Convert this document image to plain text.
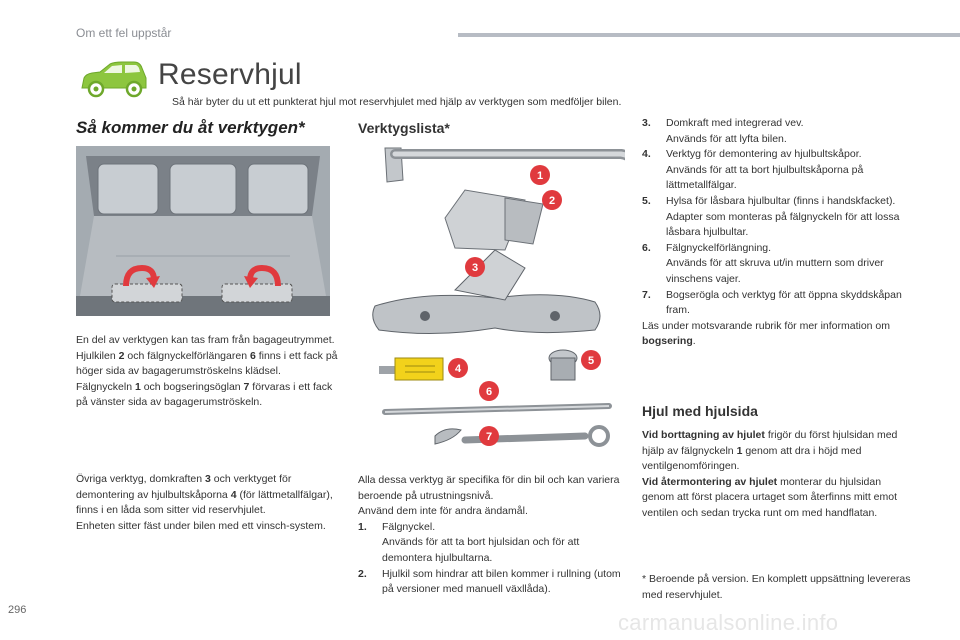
Om ett fel uppstår
Reservhjul
Så här byter du ut ett punkterat hjul mot reservhjulet med hjälp av verktygen som medföljer bilen.
Så kommer du åt verktygen*

En del av verktygen kan tas fram från bagageutrymmet.

Hjulkilen 2 och fälgnyckelförlängaren 6 finns i ett fack på höger sida av bagagerumströskelns klädsel.

Fälgnyckeln 1 och bogseringsöglan 7 förvaras i ett fack på vänster sida av bagagerumströskeln.

Övriga verktyg, domkraften 3 och verktyget för demontering av hjulbultskåporna 4 (för lättmetallfälgar), finns i en låda som sitter vid reservhjulet.

Enheten sitter fäst under bilen med ett vinsch-system.

Verktygslista*
1
2
3
4
5
6
7

Alla dessa verktyg är specifika för din bil och kan variera beroende på utrustningsnivå.

Använd dem inte för andra ändamål.

1.	Fälgnyckel.
Används för att ta bort hjulsidan och för att demontera hjulbultarna.
2.	Hjulkil som hindrar att bilen kommer i rullning (utom på versioner med manuell växllåda).
3.	Domkraft med integrerad vev.
Används för att lyfta bilen.
4.	Verktyg för demontering av hjulbultskåpor.
Används för att ta bort hjulbultskåporna på lättmetallfälgar.
5.	Hylsa för låsbara hjulbultar (finns i handskfacket).
Adapter som monteras på fälgnyckeln för att lossa låsbara hjulbultar.
6.	Fälgnyckelförlängning.
Används för att skruva ut/in muttern som driver vinschens vajer.
7.	Bogserögla och verktyg för att öppna skyddskåpan fram.

Läs under motsvarande rubrik för mer information om bogsering.

Hjul med hjulsida

Vid borttagning av hjulet frigör du först hjulsidan med hjälp av fälgnyckeln 1 genom att dra i höjd med ventilgenomföringen.

Vid återmontering av hjulet monterar du hjulsidan genom att först placera urtaget som återfinns mitt emot ventilen och sedan trycka runt om med handflatan.

* Beroende på version. En komplett uppsättning levereras med reservhjulet.
296	carmanualsonline.info
